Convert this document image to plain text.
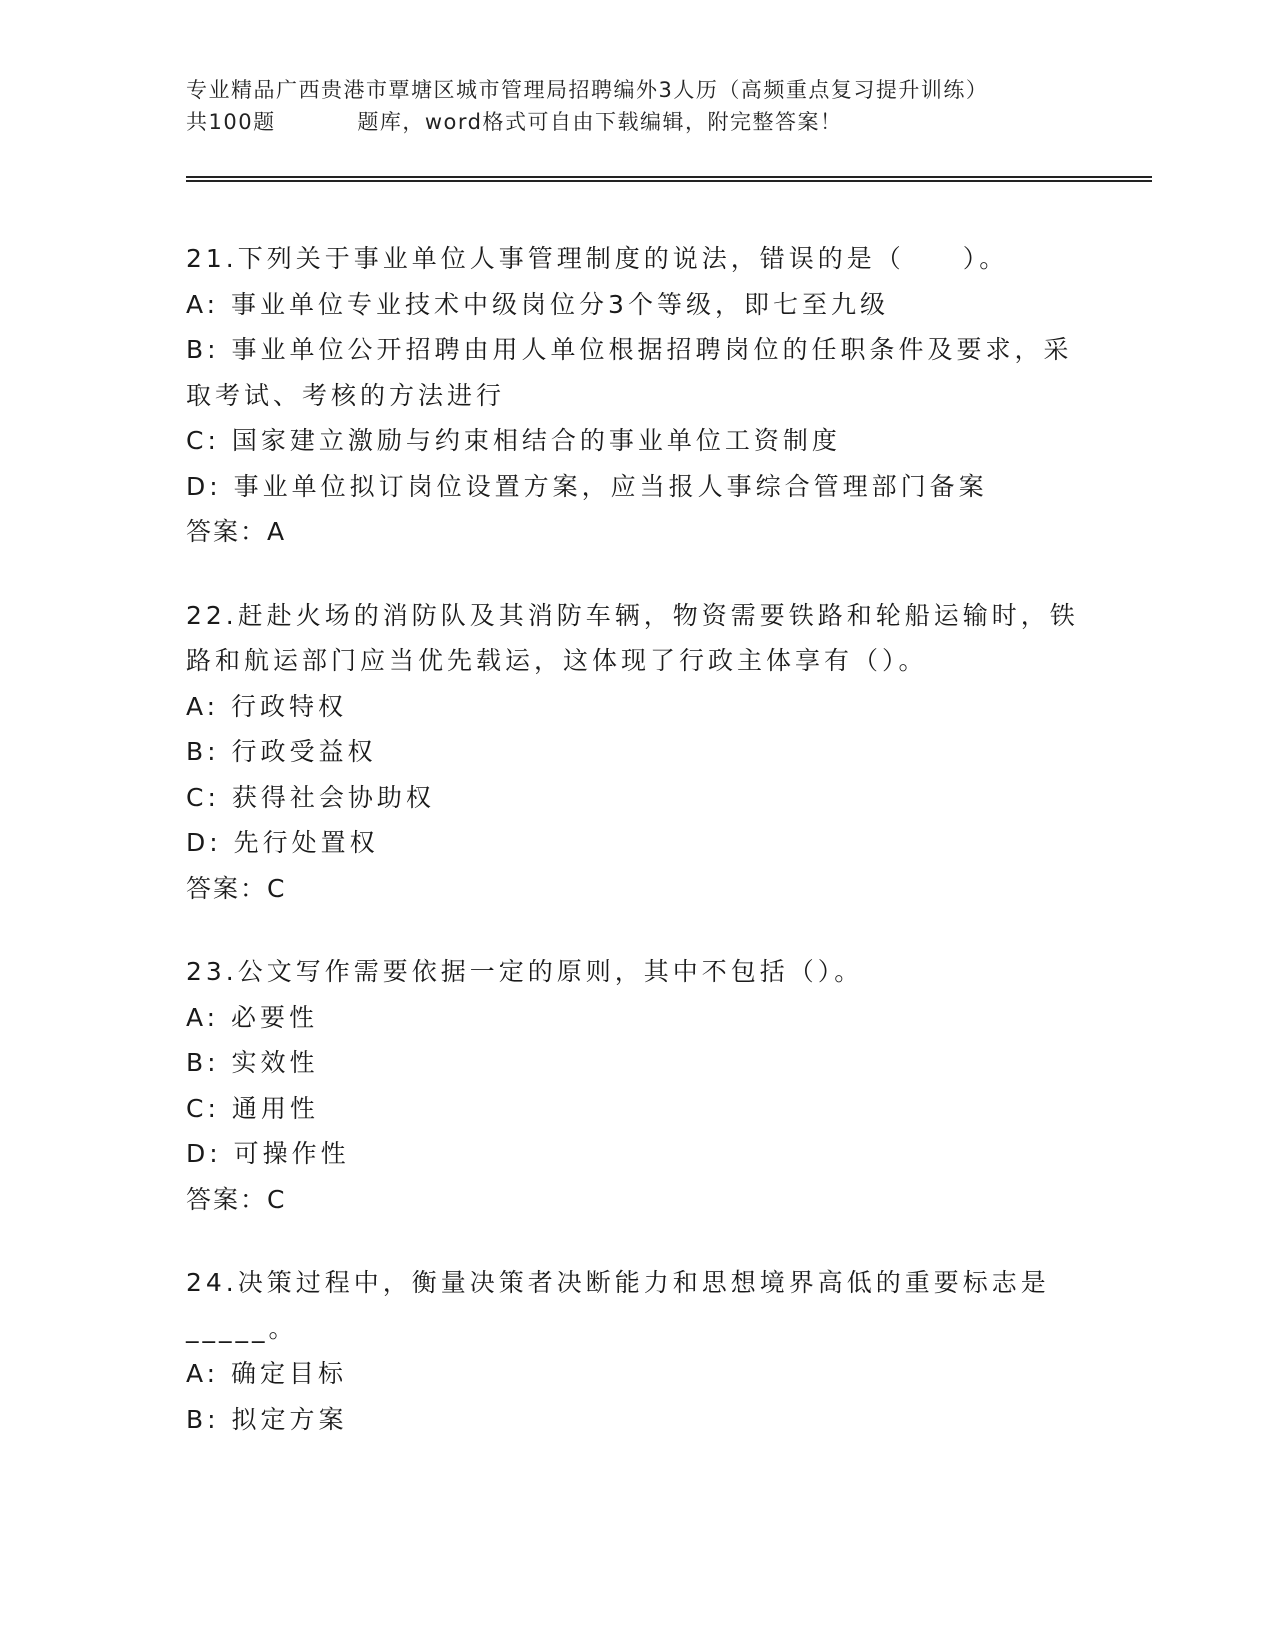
专业精品广西贵港市覃塘区城市管理局招聘编外3人历（高频重点复习提升训练）

共100题          题库，word格式可自由下载编辑，附完整答案！
21.下列关于事业单位人事管理制度的说法，错误的是（　　）。
A: 事业单位专业技术中级岗位分3个等级，即七至九级
B: 事业单位公开招聘由用人单位根据招聘岗位的任职条件及要求，采取考试、考核的方法进行
C: 国家建立激励与约束相结合的事业单位工资制度
D: 事业单位拟订岗位设置方案，应当报人事综合管理部门备案
答案：A
22.赶赴火场的消防队及其消防车辆，物资需要铁路和轮船运输时，铁路和航运部门应当优先载运，这体现了行政主体享有（）。
A: 行政特权
B: 行政受益权
C: 获得社会协助权
D: 先行处置权
答案：C
23.公文写作需要依据一定的原则，其中不包括（）。
A: 必要性
B: 实效性
C: 通用性
D: 可操作性
答案：C
24.决策过程中，衡量决策者决断能力和思想境界高低的重要标志是
_____。
A: 确定目标
B: 拟定方案
